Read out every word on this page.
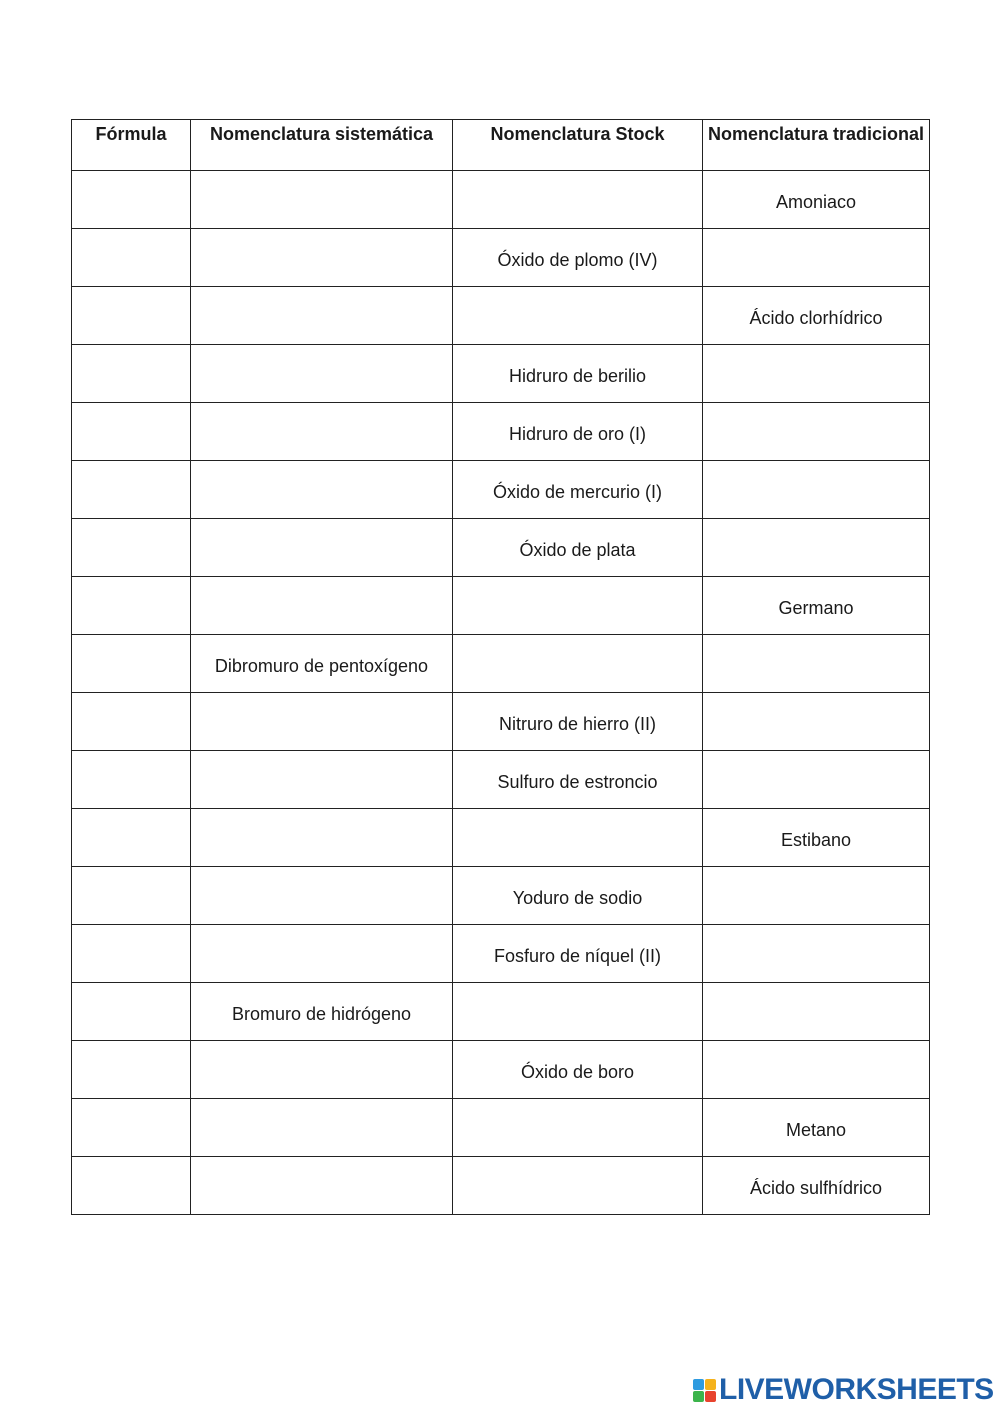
Fórmula	Nomenclatura sistemática	Nomenclatura Stock	Nomenclatura tradicional
			Amoniaco
		Óxido de plomo (IV)	
			Ácido clorhídrico
		Hidruro de berilio	
		Hidruro de oro (I)	
		Óxido de mercurio (I)	
		Óxido de plata	
			Germano
	Dibromuro de pentoxígeno		
		Nitruro de hierro (II)	
		Sulfuro de estroncio	
			Estibano
		Yoduro de sodio	
		Fosfuro de níquel (II)	
	Bromuro de hidrógeno		
		Óxido de boro	
			Metano
			Ácido sulfhídrico
LIVEWORKSHEETS
